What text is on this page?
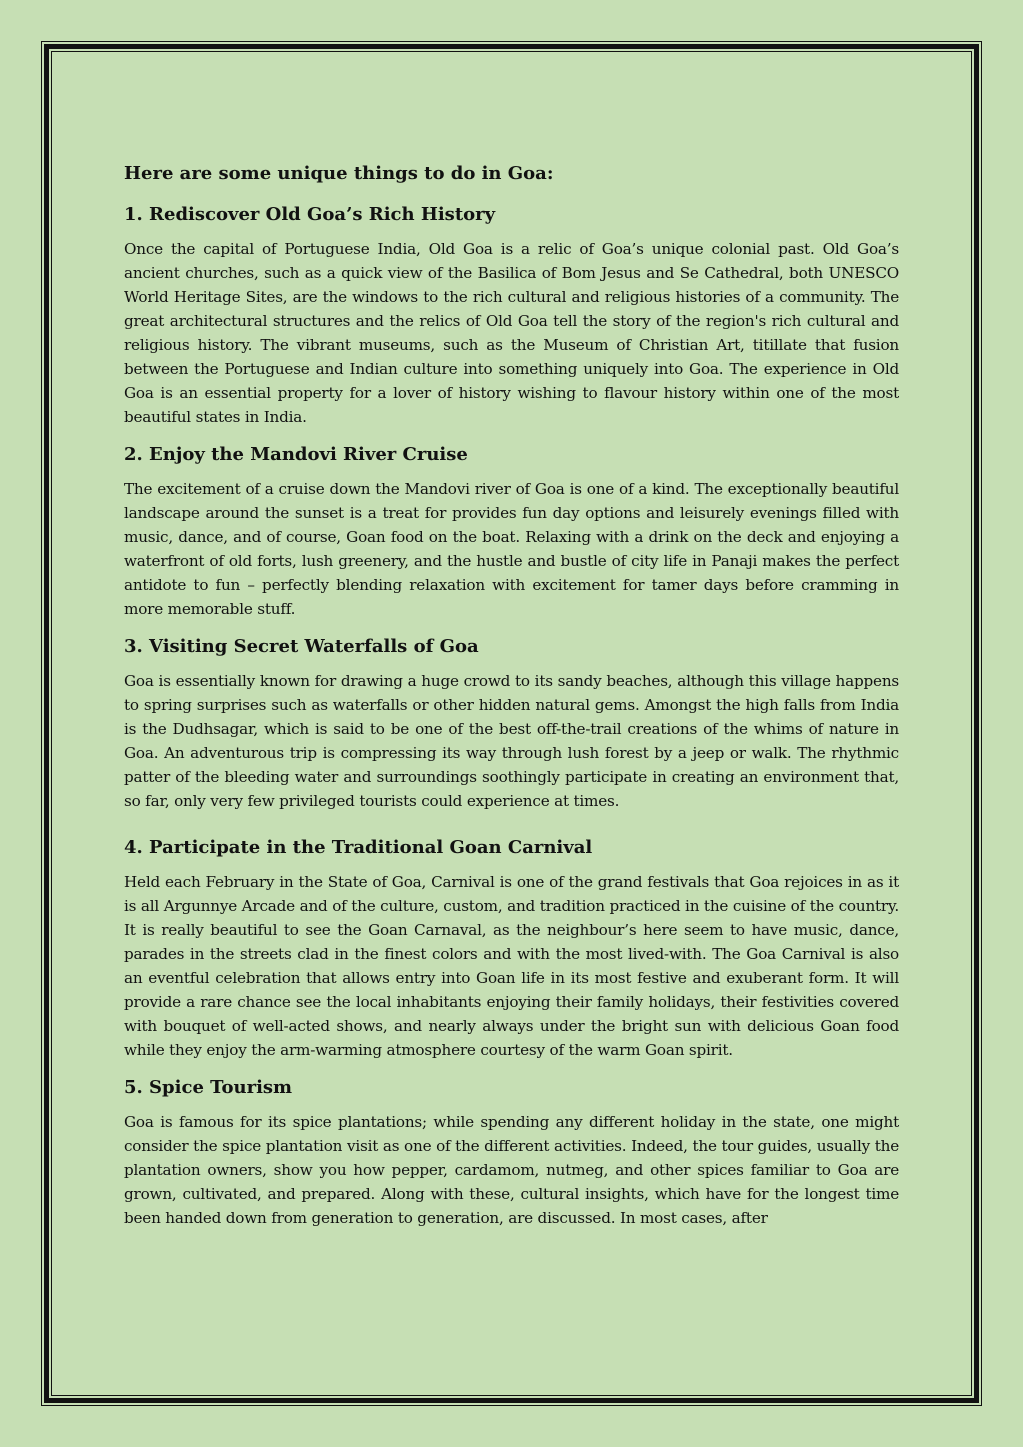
Here are some unique things to do in Goa:
1. Rediscover Old Goa’s Rich History

Once the capital of Portuguese India, Old Goa is a relic of Goa’s unique colonial past. Old Goa’s ancient churches, such as a quick view of the Basilica of Bom Jesus and Se Cathedral, both UNESCO World Heritage Sites, are the windows to the rich cultural and religious histories of a community. The great architectural structures and the relics of Old Goa tell the story of the region's rich cultural and religious history. The vibrant museums, such as the Museum of Christian Art, titillate that fusion between the Portuguese and Indian culture into something uniquely into Goa. The experience in Old Goa is an essential property for a lover of history wishing to flavour history within one of the most beautiful states in India.

2. Enjoy the Mandovi River Cruise

The excitement of a cruise down the Mandovi river of Goa is one of a kind. The exceptionally beautiful landscape around the sunset is a treat for provides fun day options and leisurely evenings filled with music, dance, and of course, Goan food on the boat. Relaxing with a drink on the deck and enjoying a waterfront of old forts, lush greenery, and the hustle and bustle of city life in Panaji makes the perfect antidote to fun – perfectly blending relaxation with excitement for tamer days before cramming in more memorable stuff.

3. Visiting Secret Waterfalls of Goa

Goa is essentially known for drawing a huge crowd to its sandy beaches, although this village happens to spring surprises such as waterfalls or other hidden natural gems. Amongst the high falls from India is the Dudhsagar, which is said to be one of the best off-the-trail creations of the whims of nature in Goa. An adventurous trip is compressing its way through lush forest by a jeep or walk. The rhythmic patter of the bleeding water and surroundings soothingly participate in creating an environment that, so far, only very few privileged tourists could experience at times.

4. Participate in the Traditional Goan Carnival

Held each February in the State of Goa, Carnival is one of the grand festivals that Goa rejoices in as it is all Argunnye Arcade and of the culture, custom, and tradition practiced in the cuisine of the country. It is really beautiful to see the Goan Carnaval, as the neighbour’s here seem to have music, dance, parades in the streets clad in the finest colors and with the most lived-with. The Goa Carnival is also an eventful celebration that allows entry into Goan life in its most festive and exuberant form. It will provide a rare chance see the local inhabitants enjoying their family holidays, their festivities covered with bouquet of well-acted shows, and nearly always under the bright sun with delicious Goan food while they enjoy the arm-warming atmosphere courtesy of the warm Goan spirit.

5. Spice Tourism

Goa is famous for its spice plantations; while spending any different holiday in the state, one might consider the spice plantation visit as one of the different activities. Indeed, the tour guides, usually the plantation owners, show you how pepper, cardamom, nutmeg, and other spices familiar to Goa are grown, cultivated, and prepared. Along with these, cultural insights, which have for the longest time been handed down from generation to generation, are discussed. In most cases, after
